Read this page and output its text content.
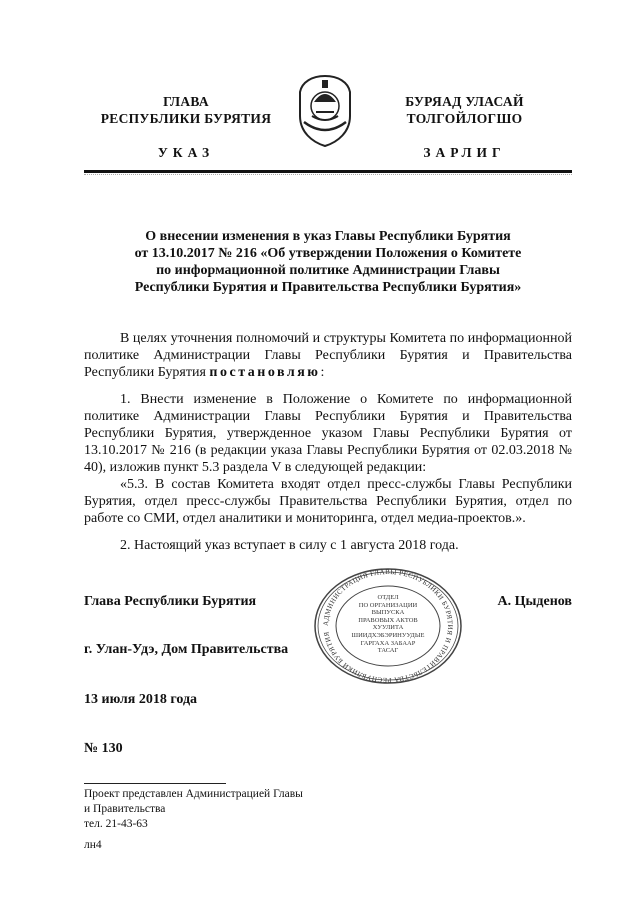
ГЛАВА
РЕСПУБЛИКИ БУРЯТИЯ
УКАЗ
БУРЯАД УЛАСАЙ
ТОЛГОЙЛОГШО
ЗАРЛИГ
О внесении изменения в указ Главы Республики Бурятия
от 13.10.2017 № 216 «Об утверждении Положения о Комитете
по информационной политике Администрации Главы
Республики Бурятия и Правительства Республики Бурятия»

В целях уточнения полномочий и структуры Комитета по информационной политике Администрации Главы Республики Бурятия и Правительства Республики Бурятия постановляю:

1. Внести изменение в Положение о Комитете по информационной политике Администрации Главы Республики Бурятия и Правительства Республики Бурятия, утвержденное указом Главы Республики Бурятия от 13.10.2017 № 216 (в редакции указа Главы Республики Бурятия от 02.03.2018 № 40), изложив пункт 5.3 раздела V в следующей редакции:

«5.3. В состав Комитета входят отдел пресс-службы Главы Республики Бурятия, отдел пресс-службы Правительства Республики Бурятия, отдел по работе со СМИ, отдел аналитики и мониторинга, отдел медиа-проектов.».

2. Настоящий указ вступает в силу с 1 августа 2018 года.

Глава Республики Бурятия	А. Цыденов
г. Улан-Удэ, Дом Правительства
13 июля 2018 года
№ 130
АДМИНИСТРАЦИЯ ГЛАВЫ РЕСПУБЛИКИ БУРЯТИЯ И ПРАВИТЕЛЬСТВА РЕСПУБЛИКИ БУРЯТИЯ
ОТДЕЛ
ПО ОРГАНИЗАЦИИ
ВЫПУСКА
ПРАВОВЫХ АКТОВ
ХУУЛИТА
ШИИДХЭБЭРИНУУДЫЕ
ГАРГАХА ЗАБААР
ТАСАГ
Проект представлен Администрацией Главы
и Правительства
тел. 21-43-63
лн4
